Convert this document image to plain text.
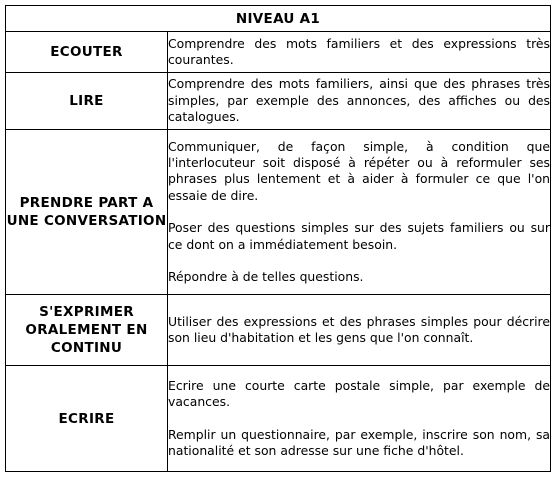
NIVEAU A1	
ECOUTER	Comprendre des mots familiers et des expressions très courantes.

LIRE	Comprendre des mots familiers, ainsi que des phrases très simples, par exemple des annonces, des affiches ou des catalogues.

PRENDRE PART A UNE CONVERSATION	Communiquer, de façon simple, à condition que l'interlocuteur soit disposé à répéter ou à reformuler ses phrases plus lentement et à aider à formuler ce que l'on essaie de dire.

Poser des questions simples sur des sujets familiers ou sur ce dont on a immédiatement besoin.

Répondre à de telles questions.

S'EXPRIMER ORALEMENT EN CONTINU	Utiliser des expressions et des phrases simples pour décrire son lieu d'habitation et les gens que l'on connaît.

ECRIRE	Ecrire une courte carte postale simple, par exemple de vacances.

Remplir un questionnaire, par exemple, inscrire son nom, sa nationalité et son adresse sur une fiche d'hôtel.
